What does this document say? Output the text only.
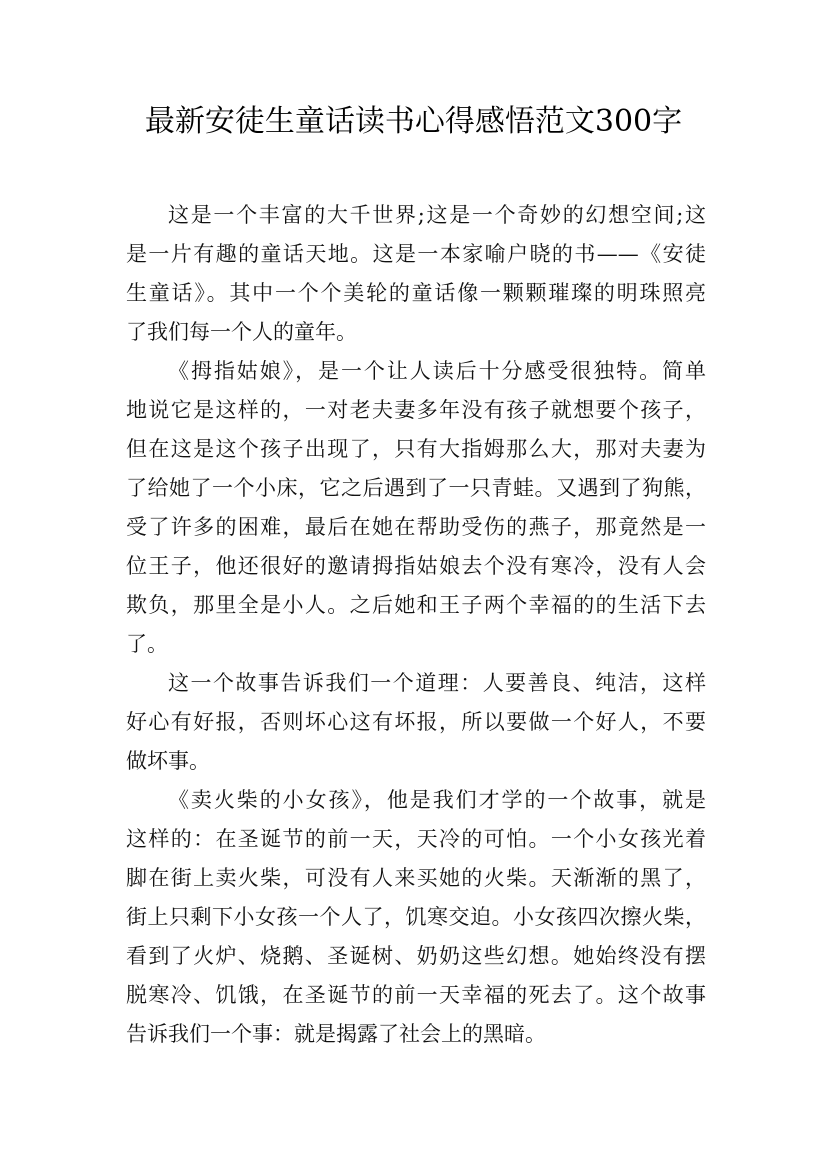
最新安徒生童话读书心得感悟范文300字
这是一个丰富的大千世界;这是一个奇妙的幻想空间;这
是一片有趣的童话天地。这是一本家喻户晓的书——《安徒
生童话》。其中一个个美轮的童话像一颗颗璀璨的明珠照亮
了我们每一个人的童年。
《拇指姑娘》，是一个让人读后十分感受很独特。简单
地说它是这样的，一对老夫妻多年没有孩子就想要个孩子，
但在这是这个孩子出现了，只有大指姆那么大，那对夫妻为
了给她了一个小床，它之后遇到了一只青蛙。又遇到了狗熊，
受了许多的困难，最后在她在帮助受伤的燕子，那竟然是一
位王子，他还很好的邀请拇指姑娘去个没有寒冷，没有人会
欺负，那里全是小人。之后她和王子两个幸福的的生活下去
了。
这一个故事告诉我们一个道理：人要善良、纯洁，这样
好心有好报，否则坏心这有坏报，所以要做一个好人，不要
做坏事。
《卖火柴的小女孩》，他是我们才学的一个故事，就是
这样的：在圣诞节的前一天，天冷的可怕。一个小女孩光着
脚在街上卖火柴，可没有人来买她的火柴。天渐渐的黑了，
街上只剩下小女孩一个人了，饥寒交迫。小女孩四次擦火柴，
看到了火炉、烧鹅、圣诞树、奶奶这些幻想。她始终没有摆
脱寒冷、饥饿，在圣诞节的前一天幸福的死去了。这个故事
告诉我们一个事：就是揭露了社会上的黑暗。
